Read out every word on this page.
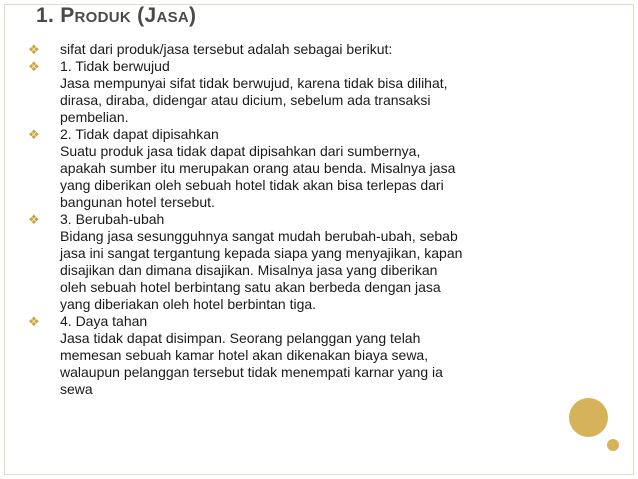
1. Produk (Jasa)
❖ sifat dari produk/jasa tersebut adalah sebagai berikut:
❖ 1. Tidak berwujud
Jasa mempunyai sifat tidak berwujud, karena tidak bisa dilihat,
dirasa, diraba, didengar atau dicium, sebelum ada transaksi
pembelian.
❖ 2. Tidak dapat dipisahkan
Suatu produk jasa tidak dapat dipisahkan dari sumbernya,
apakah sumber itu merupakan orang atau benda. Misalnya jasa
yang diberikan oleh sebuah hotel tidak akan bisa terlepas dari
bangunan hotel tersebut.
❖ 3. Berubah-ubah
Bidang jasa sesungguhnya sangat mudah berubah-ubah, sebab
jasa ini sangat tergantung kepada siapa yang menyajikan, kapan
disajikan dan dimana disajikan. Misalnya jasa yang diberikan
oleh sebuah hotel berbintang satu akan berbeda dengan jasa
yang diberiakan oleh hotel berbintan tiga.
❖ 4. Daya tahan
Jasa tidak dapat disimpan. Seorang pelanggan yang telah
memesan sebuah kamar hotel akan dikenakan biaya sewa,
walaupun pelanggan tersebut tidak menempati karnar yang ia
sewa
